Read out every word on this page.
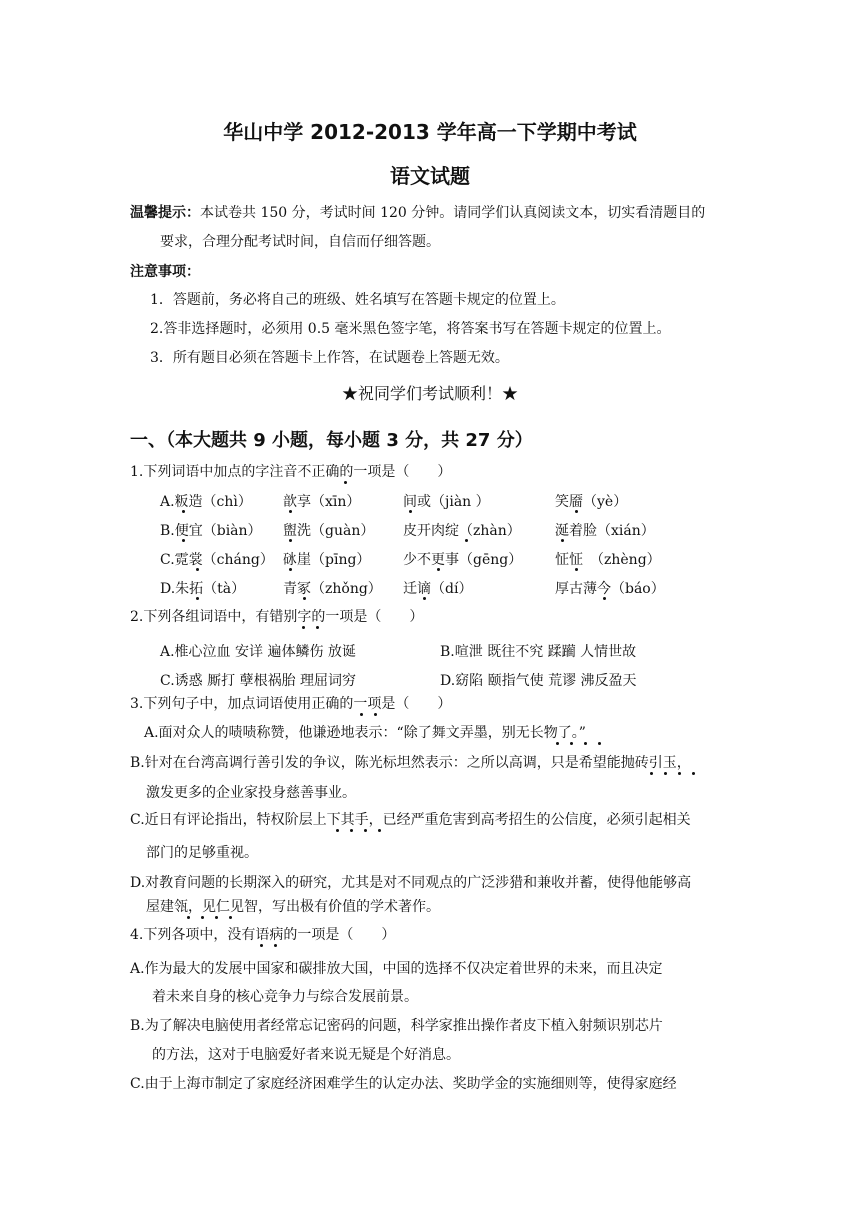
华山中学 2012-2013 学年高一下学期中考试
语文试题
温馨提示：本试卷共 150 分，考试时间 120 分钟。请同学们认真阅读文本，切实看清题目的
要求，合理分配考试时间，自信而仔细答题。
注意事项：
1．答题前，务必将自己的班级、姓名填写在答题卡规定的位置上。
2.答非选择题时，必须用 0.5 毫米黑色签字笔，将答案书写在答题卡规定的位置上。
3．所有题目必须在答题卡上作答，在试题卷上答题无效。
★祝同学们考试顺利！★
一、（本大题共 9 小题，每小题 3 分，共 27 分）
1.下列词语中加点的字注音不正确的一项是（　　）
A.粄造（chì） 歆享（xīn）	间或（jiàn ）	笑靥（yè）
B.便宜（biàn） 盥洗（guàn） 皮开肉绽（zhàn） 涎着脸（xián）
C.霓裳（cháng） 砯崖（pīng） 少不更事（gēng） 怔怔　（zhèng）
D.朱拓（tà）	青冢（zhǒng） 迁谪（dí）	厚古薄今（báo）
2.下列各组词语中，有错别字的一项是（　　）
A.椎心泣血 安详 遍体鳞伤 放诞	B.喧泄 既往不究 蹂躏 人情世故
C.诱惑 厮打 孽根祸胎 理屈词穷	D.窈陷 颐指气使 荒谬 沸反盈天
3.下列句子中，加点词语使用正确的一项是（　　）
A.面对众人的啧啧称赞，他谦逊地表示：“除了舞文弄墨，别无长物了。”
B.针对在台湾高调行善引发的争议，陈光标坦然表示：之所以高调，只是希望能抛砖引玉，
激发更多的企业家投身慈善事业。
C.近日有评论指出，特权阶层上下其手，已经严重危害到高考招生的公信度，必须引起相关
部门的足够重视。
D.对教育问题的长期深入的研究，尤其是对不同观点的广泛涉猎和兼收并蓄，使得他能够高
屋建瓴，见仁见智，写出极有价值的学术著作。
4.下列各项中，没有语病的一项是（　　）
A.作为最大的发展中国家和碳排放大国，中国的选择不仅决定着世界的未来，而且决定
着未来自身的核心竞争力与综合发展前景。
B.为了解决电脑使用者经常忘记密码的问题，科学家推出操作者皮下植入射频识别芯片
的方法，这对于电脑爱好者来说无疑是个好消息。
C.由于上海市制定了家庭经济困难学生的认定办法、奖助学金的实施细则等，使得家庭经
